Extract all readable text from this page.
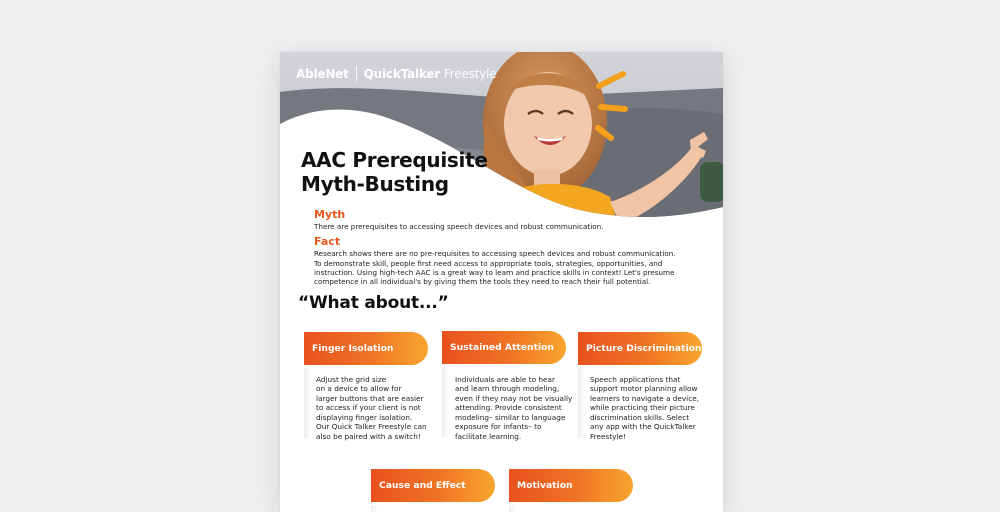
AbleNet QuickTalker Freestyle
AAC Prerequisite
Myth-Busting

Myth

There are prerequisites to accessing speech devices and robust communication.

Fact

Research shows there are no pre-requisites to accessing speech devices and robust communication.
To demonstrate skill, people first need access to appropriate tools, strategies, opportunities, and
instruction. Using high-tech AAC is a great way to learn and practice skills in context! Let's presume
competence in all individual's by giving them the tools they need to reach their full potential.

“What about...”

Finger Isolation

Adjust the grid size
on a device to allow for
larger buttons that are easier
to access if your client is not
displaying finger isolation.
Our Quick Talker Freestyle can
also be paired with a switch!

Sustained Attention

Individuals are able to hear
and learn through modeling,
even if they may not be visually
attending. Provide consistent
modeling– similar to language
exposure for infants– to
facilitate learning.

Picture Discrimination

Speech applications that
support motor planning allow
learners to navigate a device,
while practicing their picture
discrimination skills. Select
any app with the QuickTalker
Freestyle!

Cause and Effect	Motivation
